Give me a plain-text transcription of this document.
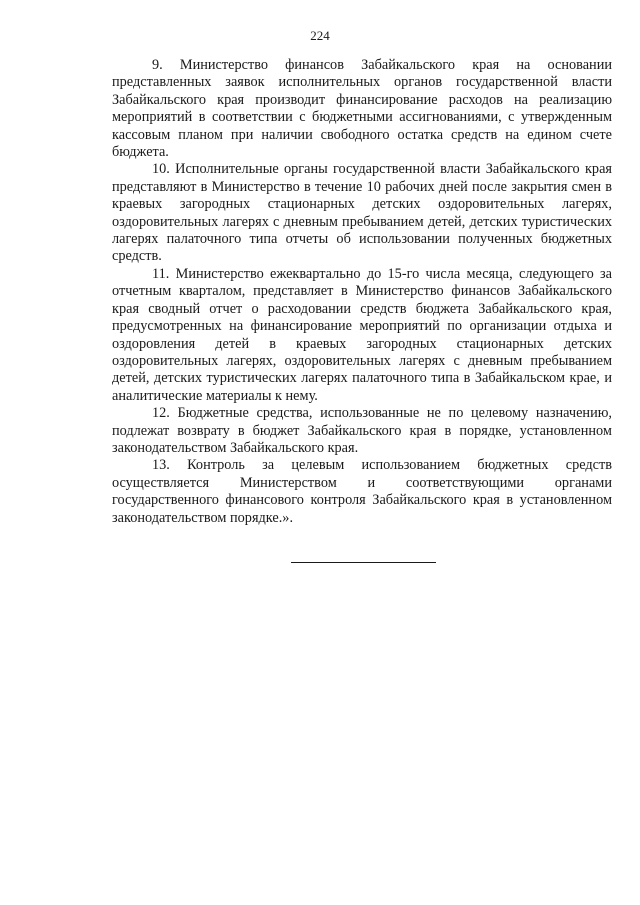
224

9. Министерство финансов Забайкальского края на основании представленных заявок исполнительных органов государственной власти Забайкальского края производит финансирование расходов на реализацию мероприятий в соответствии с бюджетными ассигнованиями, с утвержденным кассовым планом при наличии свободного остатка средств на едином счете бюджета.

10. Исполнительные органы государственной власти Забайкальского края представляют в Министерство в течение 10 рабочих дней после закрытия смен в краевых загородных стационарных детских оздоровительных лагерях, оздоровительных лагерях с дневным пребыванием детей, детских туристических лагерях палаточного типа отчеты об использовании полученных бюджетных средств.

11. Министерство ежеквартально до 15-го числа месяца, следующего за отчетным кварталом, представляет в Министерство финансов Забайкальского края сводный отчет о расходовании средств бюджета Забайкальского края, предусмотренных на финансирование мероприятий по организации отдыха и оздоровления детей в краевых загородных стационарных детских оздоровительных лагерях, оздоровительных лагерях с дневным пребыванием детей, детских туристических лагерях палаточного типа в Забайкальском крае, и аналитические материалы к нему.

12. Бюджетные средства, использованные не по целевому назначению, подлежат возврату в бюджет Забайкальского края в порядке, установленном законодательством Забайкальского края.

13. Контроль за целевым использованием бюджетных средств осуществляется Министерством и соответствующими органами государственного финансового контроля Забайкальского края в установленном законодательством порядке.».
